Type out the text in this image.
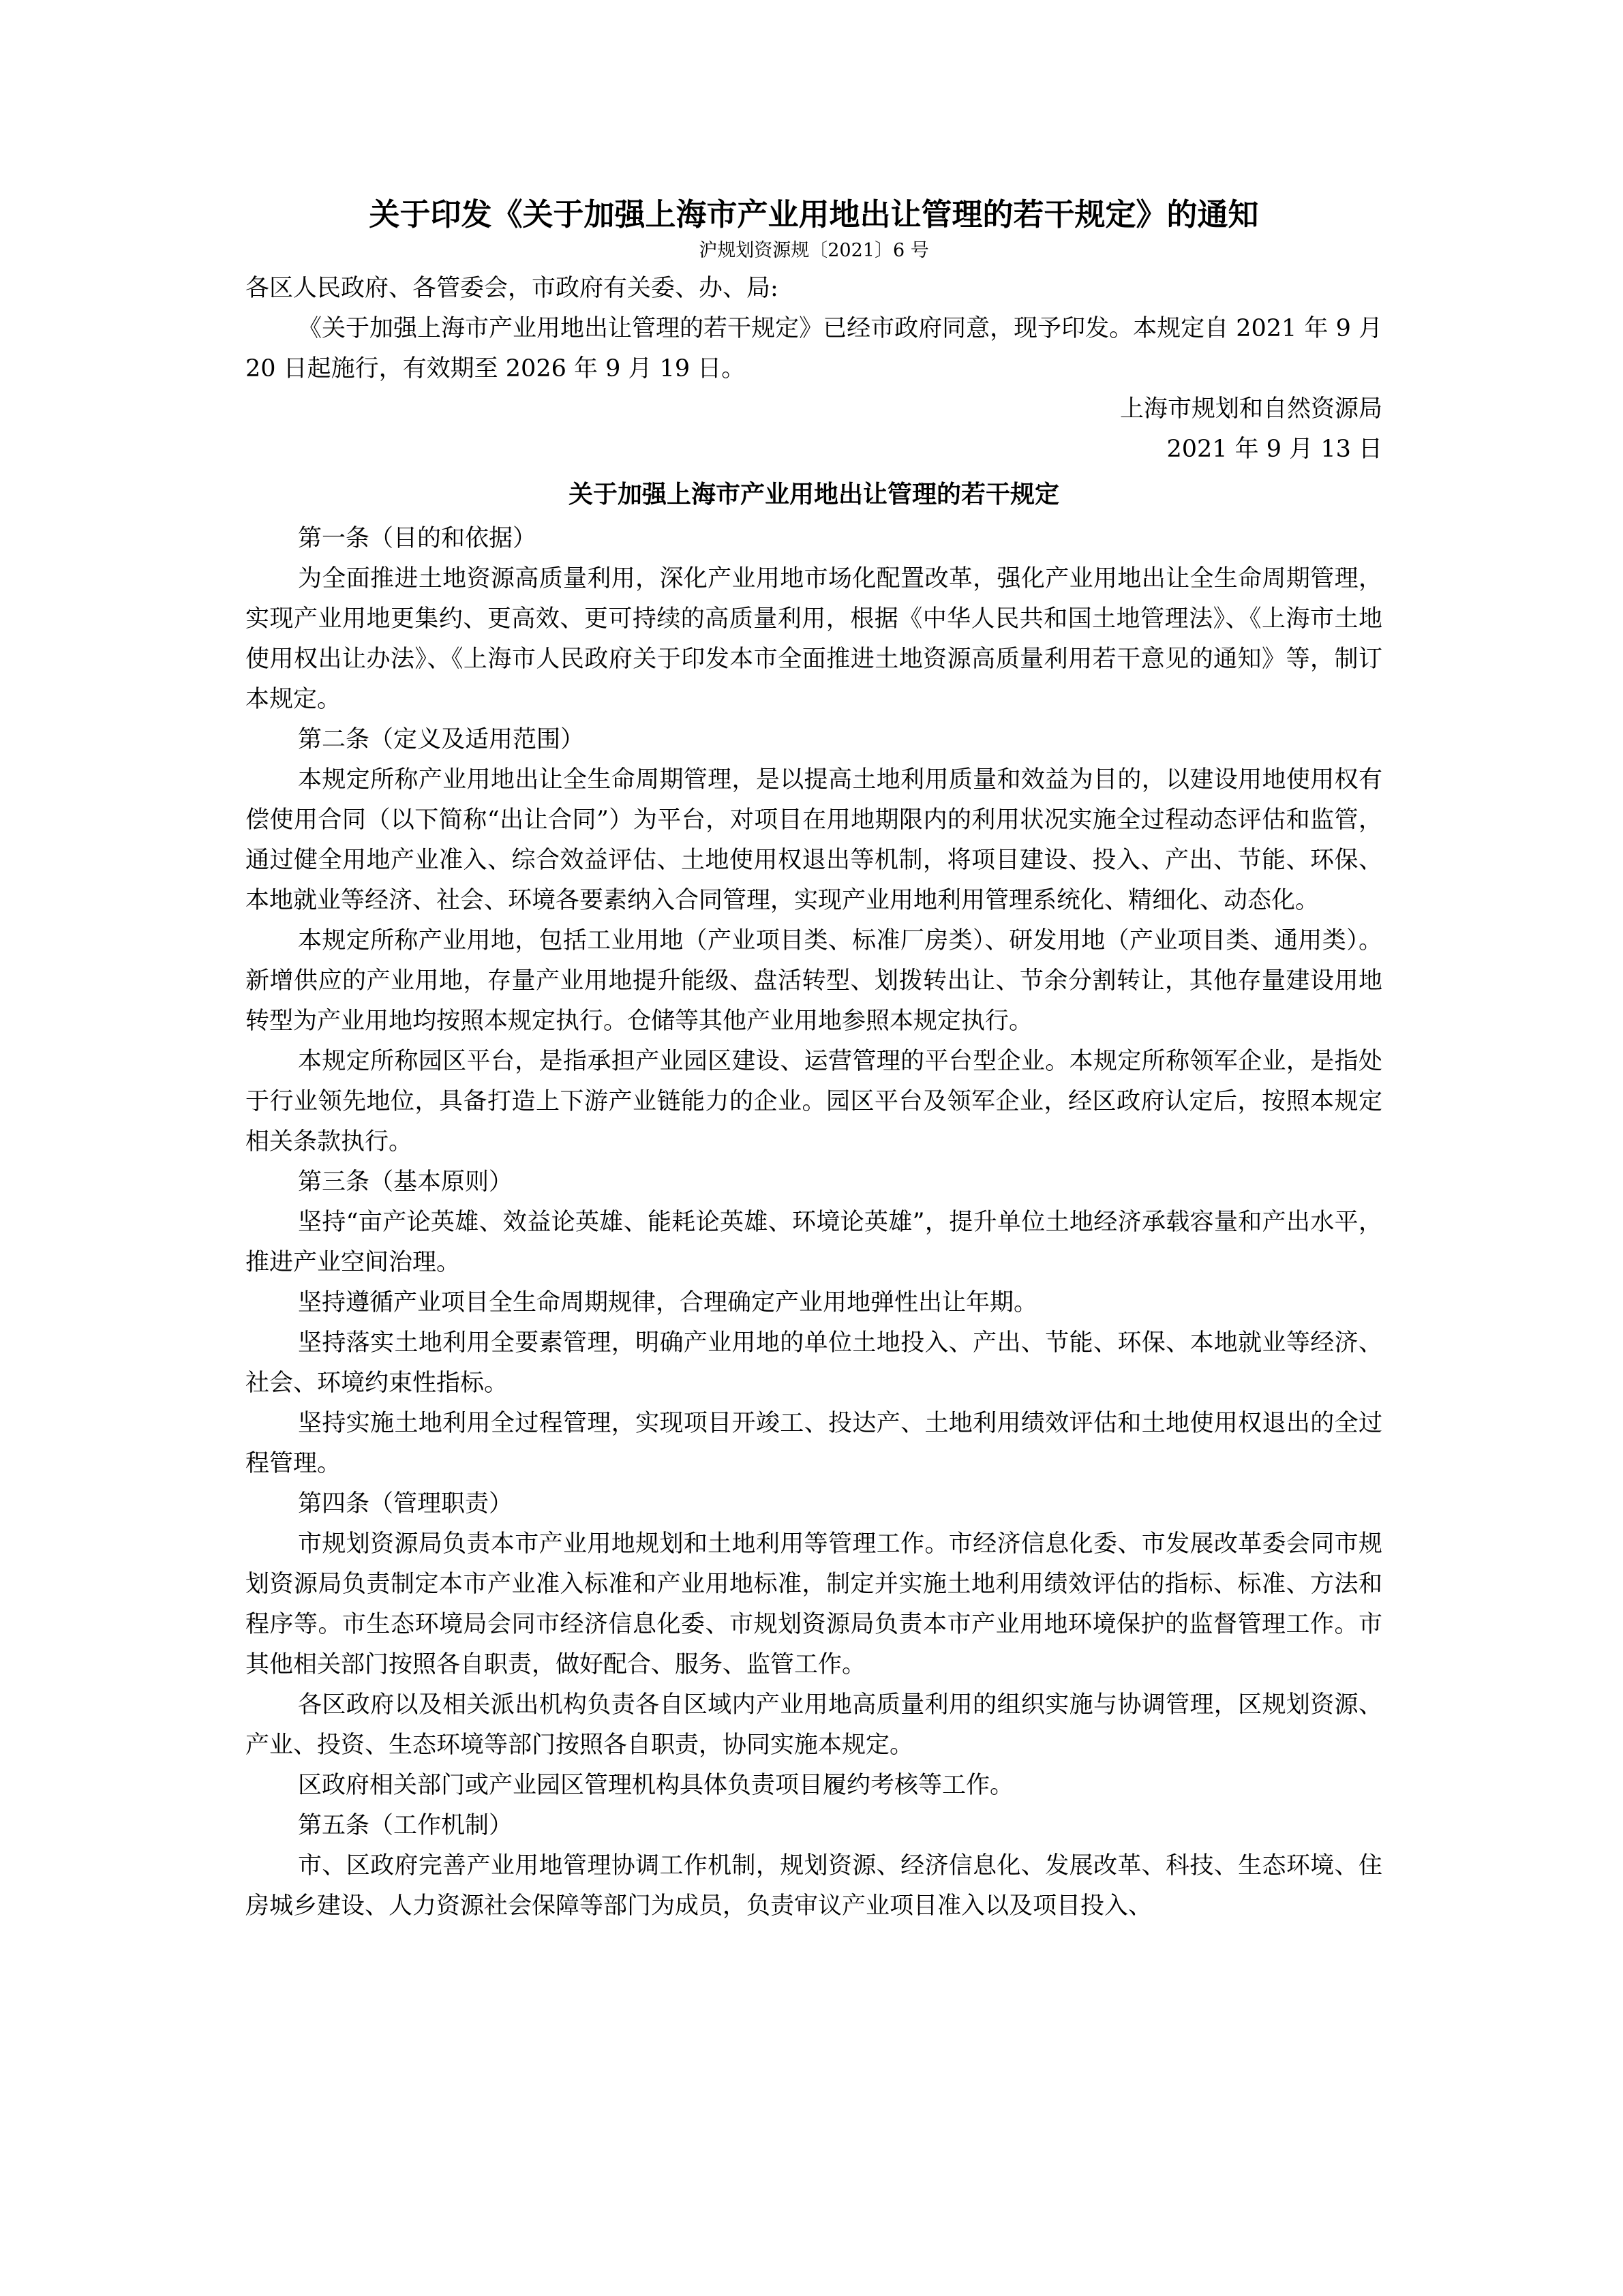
关于印发《关于加强上海市产业用地出让管理的若干规定》的通知

沪规划资源规〔2021〕6 号

各区人民政府、各管委会，市政府有关委、办、局:

《关于加强上海市产业用地出让管理的若干规定》已经市政府同意，现予印发。本规定自 2021 年 9 月 20 日起施行，有效期至 2026 年 9 月 19 日。

上海市规划和自然资源局

2021 年 9 月 13 日

关于加强上海市产业用地出让管理的若干规定

第一条（目的和依据）

为全面推进土地资源高质量利用，深化产业用地市场化配置改革，强化产业用地出让全生命周期管理，实现产业用地更集约、更高效、更可持续的高质量利用，根据《中华人民共和国土地管理法》、《上海市土地使用权出让办法》、《上海市人民政府关于印发本市全面推进土地资源高质量利用若干意见的通知》等，制订本规定。

第二条（定义及适用范围）

本规定所称产业用地出让全生命周期管理，是以提高土地利用质量和效益为目的，以建设用地使用权有偿使用合同（以下简称“出让合同”）为平台，对项目在用地期限内的利用状况实施全过程动态评估和监管，通过健全用地产业准入、综合效益评估、土地使用权退出等机制，将项目建设、投入、产出、节能、环保、本地就业等经济、社会、环境各要素纳入合同管理，实现产业用地利用管理系统化、精细化、动态化。

本规定所称产业用地，包括工业用地（产业项目类、标准厂房类）、研发用地（产业项目类、通用类）。新增供应的产业用地，存量产业用地提升能级、盘活转型、划拨转出让、节余分割转让，其他存量建设用地转型为产业用地均按照本规定执行。仓储等其他产业用地参照本规定执行。

本规定所称园区平台，是指承担产业园区建设、运营管理的平台型企业。本规定所称领军企业，是指处于行业领先地位，具备打造上下游产业链能力的企业。园区平台及领军企业，经区政府认定后，按照本规定相关条款执行。

第三条（基本原则）

坚持“亩产论英雄、效益论英雄、能耗论英雄、环境论英雄”，提升单位土地经济承载容量和产出水平，推进产业空间治理。

坚持遵循产业项目全生命周期规律，合理确定产业用地弹性出让年期。

坚持落实土地利用全要素管理，明确产业用地的单位土地投入、产出、节能、环保、本地就业等经济、社会、环境约束性指标。

坚持实施土地利用全过程管理，实现项目开竣工、投达产、土地利用绩效评估和土地使用权退出的全过程管理。

第四条（管理职责）

市规划资源局负责本市产业用地规划和土地利用等管理工作。市经济信息化委、市发展改革委会同市规划资源局负责制定本市产业准入标准和产业用地标准，制定并实施土地利用绩效评估的指标、标准、方法和程序等。市生态环境局会同市经济信息化委、市规划资源局负责本市产业用地环境保护的监督管理工作。市其他相关部门按照各自职责，做好配合、服务、监管工作。

各区政府以及相关派出机构负责各自区域内产业用地高质量利用的组织实施与协调管理，区规划资源、产业、投资、生态环境等部门按照各自职责，协同实施本规定。

区政府相关部门或产业园区管理机构具体负责项目履约考核等工作。

第五条（工作机制）

市、区政府完善产业用地管理协调工作机制，规划资源、经济信息化、发展改革、科技、生态环境、住房城乡建设、人力资源社会保障等部门为成员，负责审议产业项目准入以及项目投入、
